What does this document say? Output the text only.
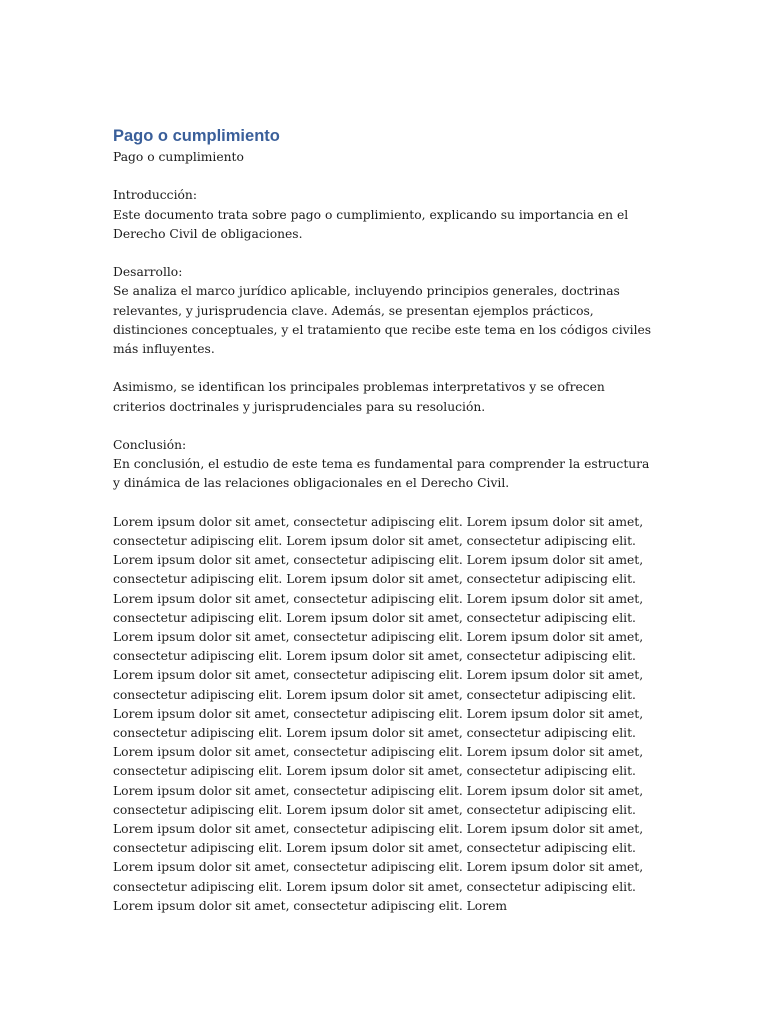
Pago o cumplimiento

Pago o cumplimiento

Introducción:

Este documento trata sobre pago o cumplimiento, explicando su importancia en el Derecho Civil de obligaciones.

Desarrollo:

Se analiza el marco jurídico aplicable, incluyendo principios generales, doctrinas relevantes, y jurisprudencia clave. Además, se presentan ejemplos prácticos, distinciones conceptuales, y el tratamiento que recibe este tema en los códigos civiles más influyentes.

Asimismo, se identifican los principales problemas interpretativos y se ofrecen criterios doctrinales y jurisprudenciales para su resolución.

Conclusión:

En conclusión, el estudio de este tema es fundamental para comprender la estructura y dinámica de las relaciones obligacionales en el Derecho Civil.

Lorem ipsum dolor sit amet, consectetur adipiscing elit. Lorem ipsum dolor sit amet, consectetur adipiscing elit. Lorem ipsum dolor sit amet, consectetur adipiscing elit. Lorem ipsum dolor sit amet, consectetur adipiscing elit. Lorem ipsum dolor sit amet, consectetur adipiscing elit. Lorem ipsum dolor sit amet, consectetur adipiscing elit. Lorem ipsum dolor sit amet, consectetur adipiscing elit. Lorem ipsum dolor sit amet, consectetur adipiscing elit. Lorem ipsum dolor sit amet, consectetur adipiscing elit. Lorem ipsum dolor sit amet, consectetur adipiscing elit. Lorem ipsum dolor sit amet, consectetur adipiscing elit. Lorem ipsum dolor sit amet, consectetur adipiscing elit. Lorem ipsum dolor sit amet, consectetur adipiscing elit. Lorem ipsum dolor sit amet, consectetur adipiscing elit. Lorem ipsum dolor sit amet, consectetur adipiscing elit. Lorem ipsum dolor sit amet, consectetur adipiscing elit. Lorem ipsum dolor sit amet, consectetur adipiscing elit. Lorem ipsum dolor sit amet, consectetur adipiscing elit. Lorem ipsum dolor sit amet, consectetur adipiscing elit. Lorem ipsum dolor sit amet, consectetur adipiscing elit. Lorem ipsum dolor sit amet, consectetur adipiscing elit. Lorem ipsum dolor sit amet, consectetur adipiscing elit. Lorem ipsum dolor sit amet, consectetur adipiscing elit. Lorem ipsum dolor sit amet, consectetur adipiscing elit. Lorem ipsum dolor sit amet, consectetur adipiscing elit. Lorem ipsum dolor sit amet, consectetur adipiscing elit. Lorem ipsum dolor sit amet, consectetur adipiscing elit. Lorem ipsum dolor sit amet, consectetur adipiscing elit. Lorem ipsum dolor sit amet, consectetur adipiscing elit. Lorem ipsum dolor sit amet, consectetur adipiscing elit. Lorem ipsum dolor sit amet, consectetur adipiscing elit. Lorem
